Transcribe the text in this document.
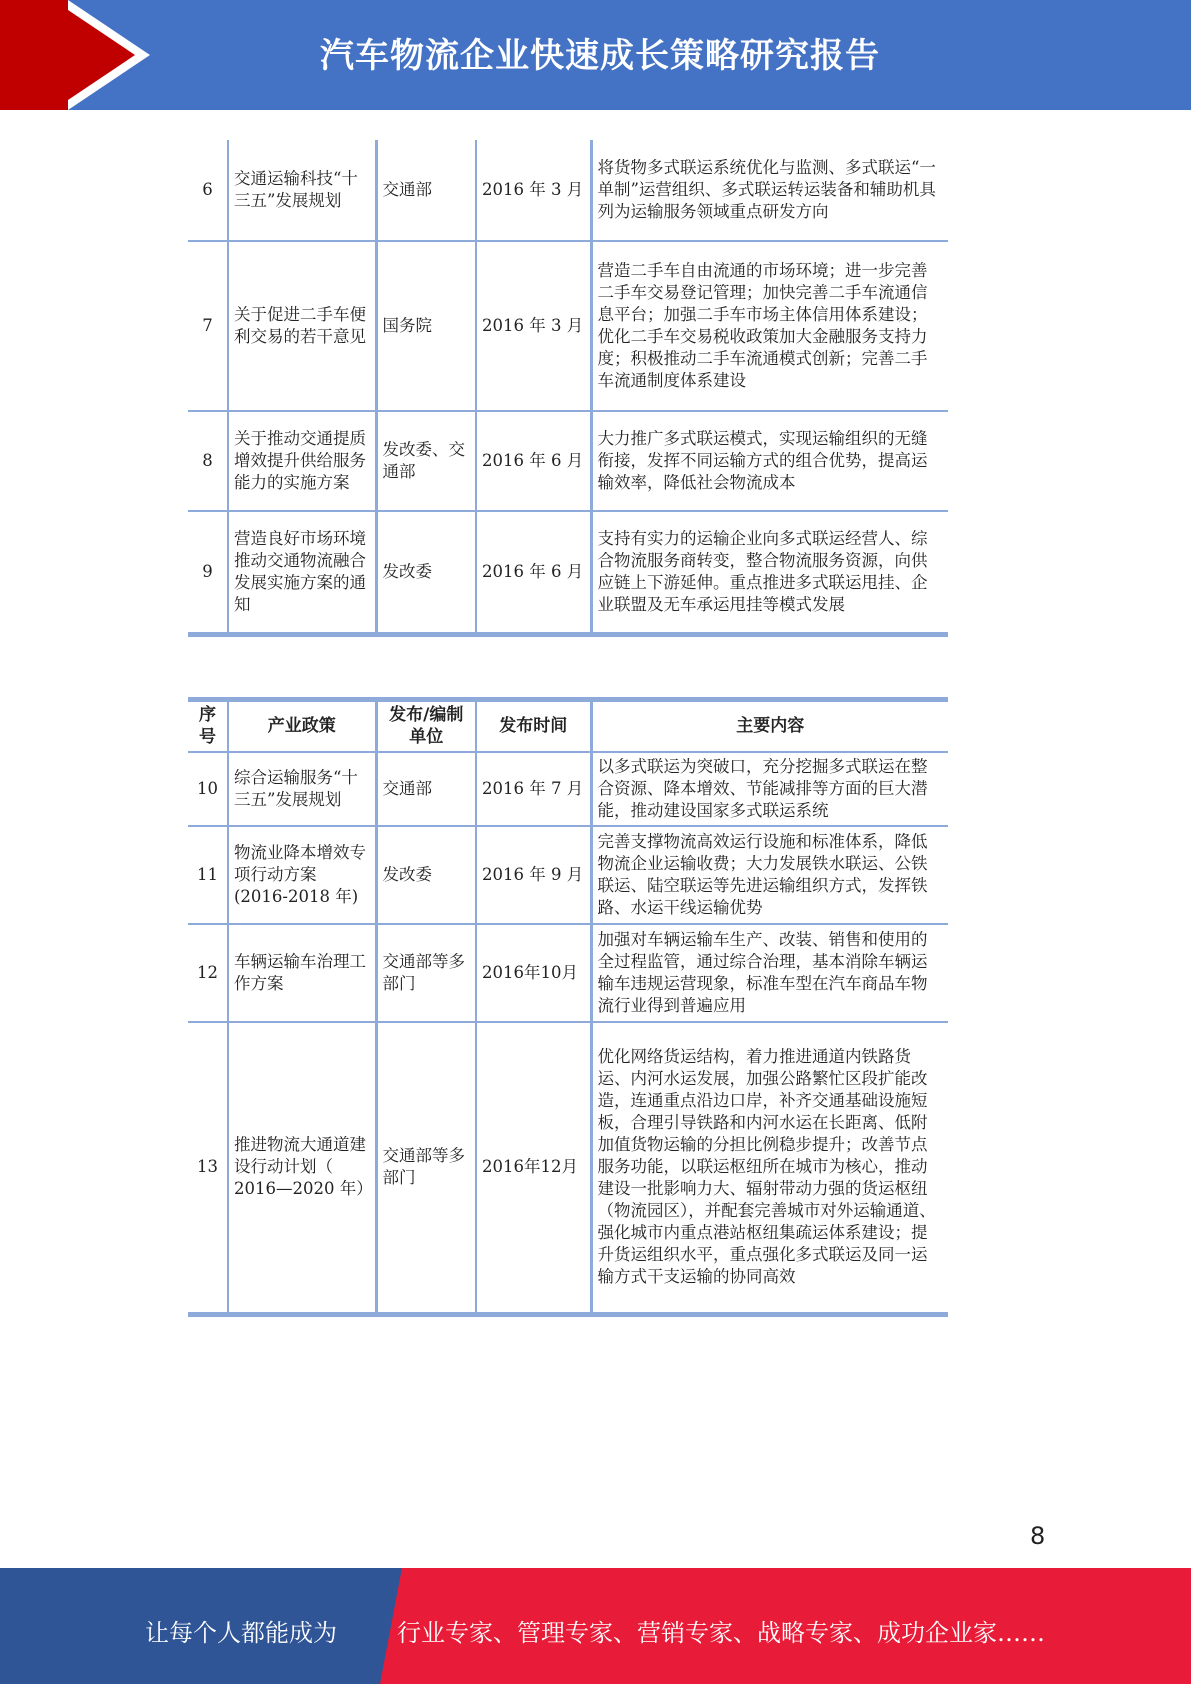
汽车物流企业快速成长策略研究报告
6	交通运输科技“十三五”发展规划	交通部	2016 年 3 月	将货物多式联运系统优化与监测、多式联运“一单制”运营组织、多式联运转运装备和辅助机具列为运输服务领域重点研发方向
7	关于促进二手车便利交易的若干意见	国务院	2016 年 3 月	营造二手车自由流通的市场环境；进一步完善二手车交易登记管理；加快完善二手车流通信息平台；加强二手车市场主体信用体系建设；优化二手车交易税收政策加大金融服务支持力度；积极推动二手车流通模式创新；完善二手车流通制度体系建设
8	关于推动交通提质增效提升供给服务能力的实施方案	发改委、交通部	2016 年 6 月	大力推广多式联运模式，实现运输组织的无缝衔接，发挥不同运输方式的组合优势，提高运输效率，降低社会物流成本
9	营造良好市场环境推动交通物流融合发展实施方案的通知	发改委	2016 年 6 月	支持有实力的运输企业向多式联运经营人、综合物流服务商转变，整合物流服务资源，向供应链上下游延伸。重点推进多式联运甩挂、企业联盟及无车承运甩挂等模式发展
序号	产业政策	发布/编制单位	发布时间	主要内容
10	综合运输服务“十三五”发展规划	交通部	2016 年 7 月	以多式联运为突破口，充分挖掘多式联运在整合资源、降本增效、节能减排等方面的巨大潜能，推动建设国家多式联运系统
11	物流业降本增效专项行动方案(2016-2018 年)	发改委	2016 年 9 月	完善支撑物流高效运行设施和标准体系，降低物流企业运输收费；大力发展铁水联运、公铁联运、陆空联运等先进运输组织方式，发挥铁路、水运干线运输优势
12	车辆运输车治理工作方案	交通部等多部门	2016年10月	加强对车辆运输车生产、改装、销售和使用的全过程监管，通过综合治理，基本消除车辆运输车违规运营现象，标准车型在汽车商品车物流行业得到普遍应用
13	推进物流大通道建设行动计划（ 2016—2020 年）	交通部等多部门	2016年12月	优化网络货运结构，着力推进通道内铁路货运、内河水运发展，加强公路繁忙区段扩能改造，连通重点沿边口岸，补齐交通基础设施短板，合理引导铁路和内河水运在长距离、低附加值货物运输的分担比例稳步提升；改善节点服务功能，以联运枢纽所在城市为核心，推动建设一批影响力大、辐射带动力强的货运枢纽（物流园区），并配套完善城市对外运输通道、强化城市内重点港站枢纽集疏运体系建设；提升货运组织水平，重点强化多式联运及同一运输方式干支运输的协同高效
8
让每个人都能成为	行业专家、管理专家、营销专家、战略专家、成功企业家……
